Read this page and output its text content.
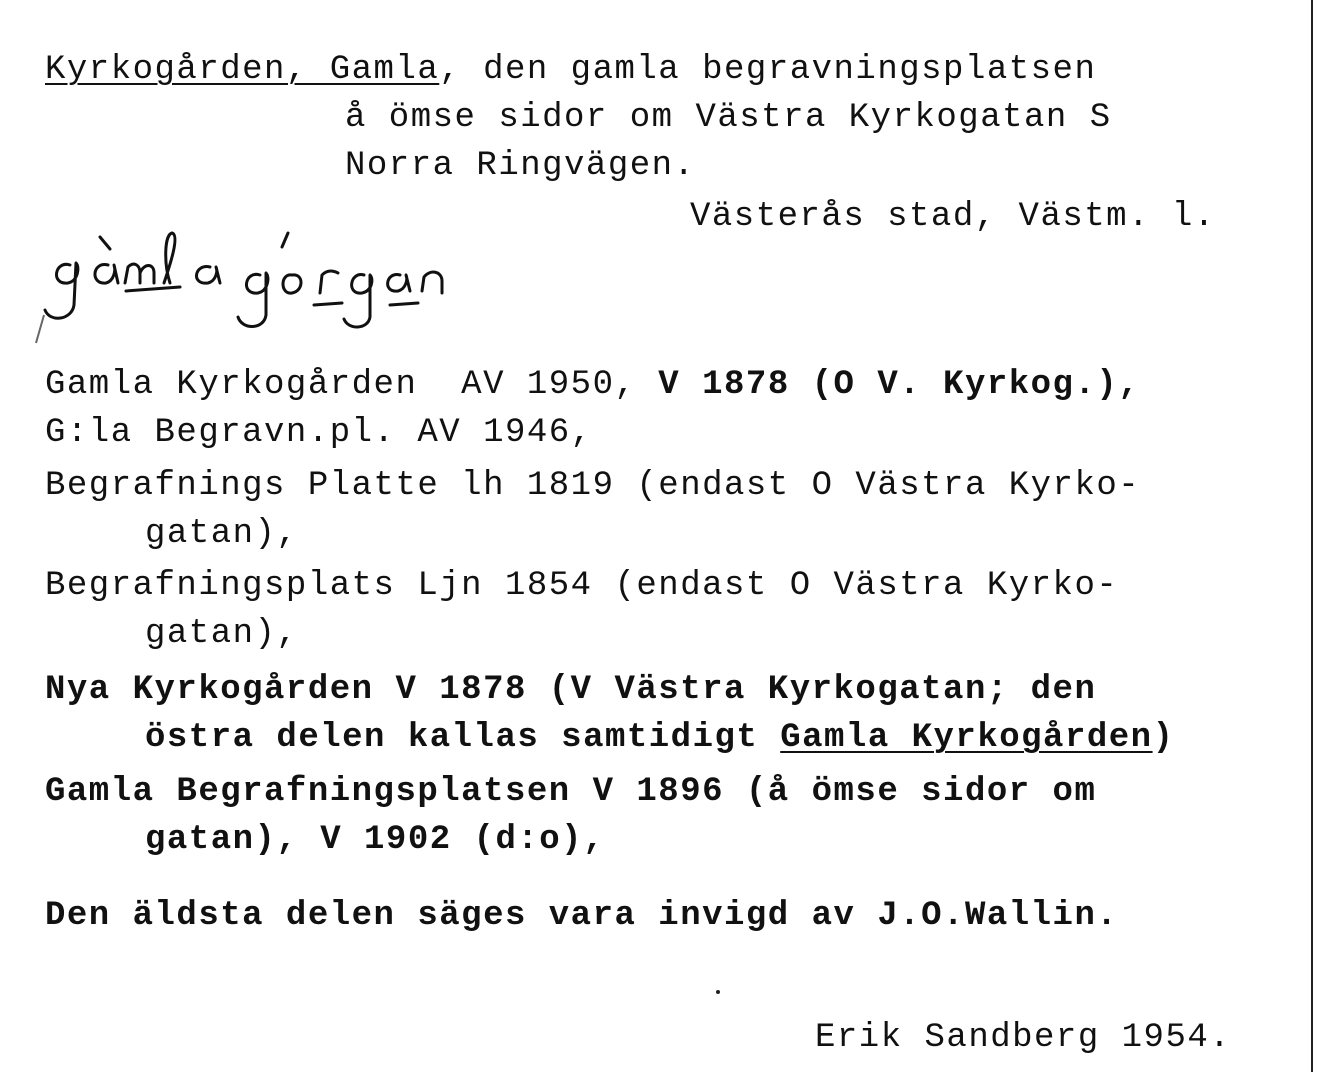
Kyrkogården, Gamla, den gamla begravningsplatsen
å ömse sidor om Västra Kyrkogatan S
Norra Ringvägen.
Västerås stad, Västm. l.
Gamla Kyrkogården  AV 1950, V 1878 (O V. Kyrkog.),
G:la Begravn.pl. AV 1946,
Begrafnings Platte lh 1819 (endast O Västra Kyrko-
gatan),
Begrafningsplats Ljn 1854 (endast O Västra Kyrko-
gatan),
Nya Kyrkogården V 1878 (V Västra Kyrkogatan; den
östra delen kallas samtidigt Gamla Kyrkogården)
Gamla Begrafningsplatsen V 1896 (å ömse sidor om
gatan), V 1902 (d:o),
Den äldsta delen säges vara invigd av J.O.Wallin.
Erik Sandberg 1954.
